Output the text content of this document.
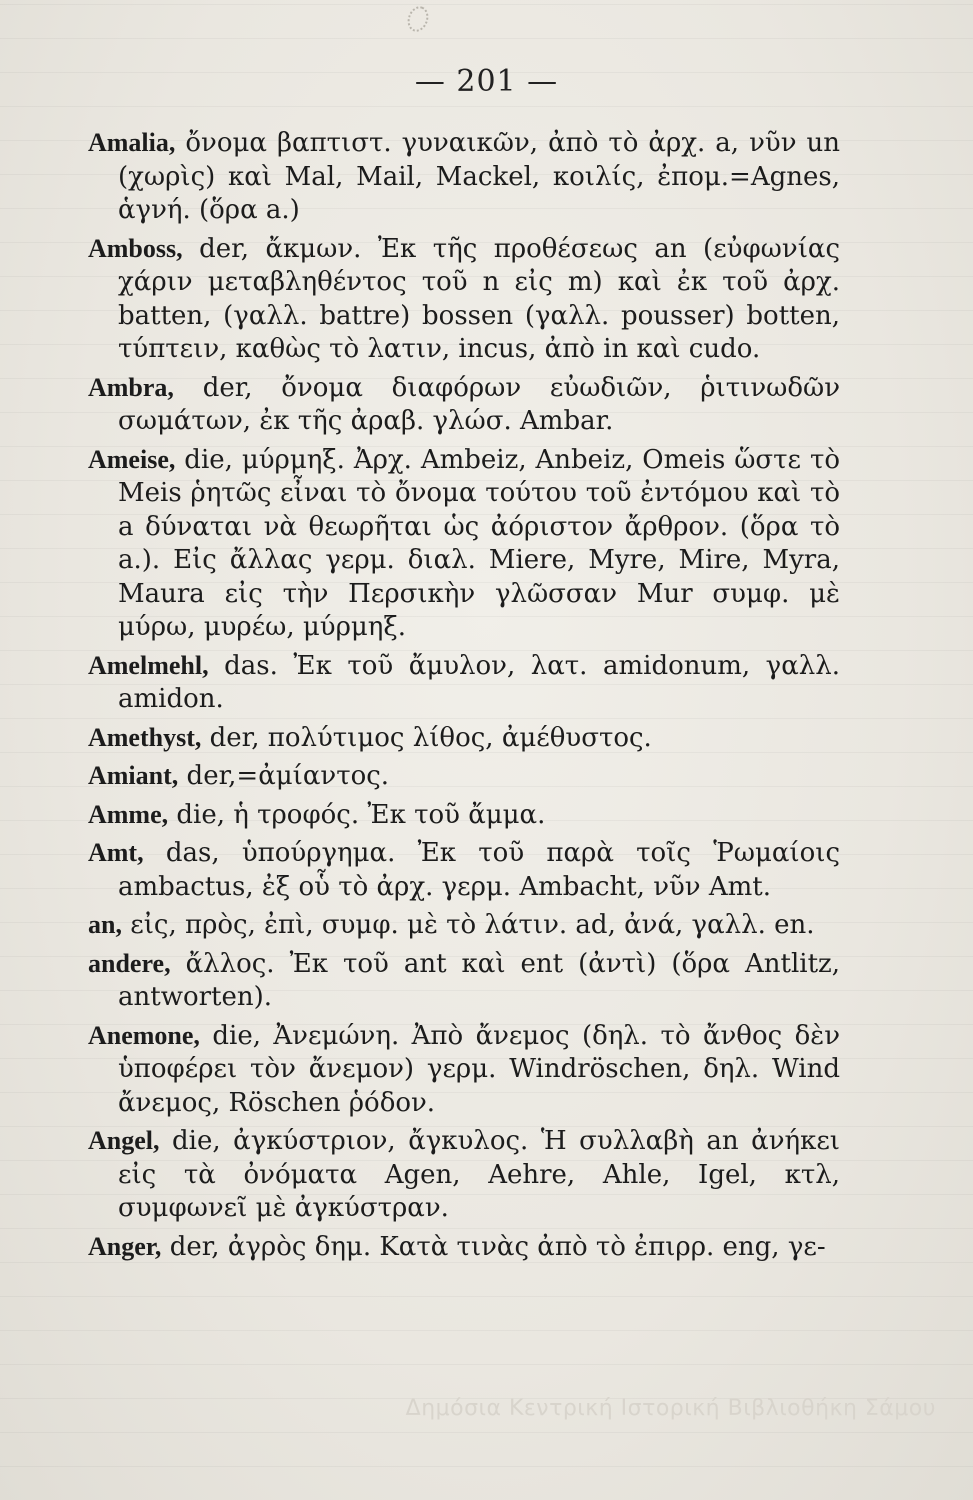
— 201 —

Amalia, ὄνομα βαπτιστ. γυναικῶν, ἀπὸ τὸ ἀρχ. a, νῦν un (χωρὶς) καὶ Mal, Mail, Mackel, κοιλίς, ἐπομ.=Agnes, ἁγνή. (ὅρα a.)

Amboss, der, ἄκμων. Ἐκ τῆς προθέσεως an (εὐφωνίας χάριν μεταβληθέντος τοῦ n εἰς m) καὶ ἐκ τοῦ ἀρχ. batten, (γαλλ. battre) bossen (γαλλ. pousser) botten, τύπτειν, καθὼς τὸ λατιν, incus, ἀπὸ in καὶ cudo.

Ambra, der, ὄνομα διαφόρων εὐωδιῶν, ῥιτινωδῶν σωμάτων, ἐκ τῆς ἀραβ. γλώσ. Ambar.

Ameise, die, μύρμηξ. Ἀρχ. Ambeiz, Anbeiz, Omeis ὥστε τὸ Meis ῥητῶς εἶναι τὸ ὄνομα τούτου τοῦ ἐντόμου καὶ τὸ a δύναται νὰ θεωρῆται ὡς ἀόριστον ἄρθρον. (ὅρα τὸ a.). Εἰς ἄλλας γερμ. διαλ. Miere, Myre, Mire, Myra, Maura εἰς τὴν Περσικὴν γλῶσσαν Mur συμφ. μὲ μύρω, μυρέω, μύρμηξ.

Amelmehl, das. Ἐκ τοῦ ἄμυλον, λατ. amidonum, γαλλ. amidon.

Amethyst, der, πολύτιμος λίθος, ἀμέθυστος.

Amiant, der,=ἀμίαντος.

Amme, die, ἡ τροφός. Ἐκ τοῦ ἄμμα.

Amt, das, ὑπούργημα. Ἐκ τοῦ παρὰ τοῖς Ῥωμαίοις ambactus, ἐξ οὗ τὸ ἀρχ. γερμ. Ambacht, νῦν Amt.

an, εἰς, πρὸς, ἐπὶ, συμφ. μὲ τὸ λάτιν. ad, ἀνά, γαλλ. en.

andere, ἄλλος. Ἐκ τοῦ ant καὶ ent (ἀντὶ) (ὅρα Antlitz, antworten).

Anemone, die, Ἀνεμώνη. Ἀπὸ ἄνεμος (δηλ. τὸ ἄνθος δὲν ὑποφέρει τὸν ἄνεμον) γερμ. Windröschen, δηλ. Wind ἄνεμος, Röschen ῥόδον.

Angel, die, ἀγκύστριον, ἄγκυλος. Ἡ συλλαβὴ an ἀνήκει εἰς τὰ ὀνόματα Agen, Aehre, Ahle, Igel, κτλ, συμφωνεῖ μὲ ἀγκύστραν.

Anger, der, ἀγρὸς δημ. Κατὰ τινὰς ἀπὸ τὸ ἐπιρρ. eng, γε-

Δημόσια Κεντρική Ιστορική Βιβλιοθήκη Σάμου
